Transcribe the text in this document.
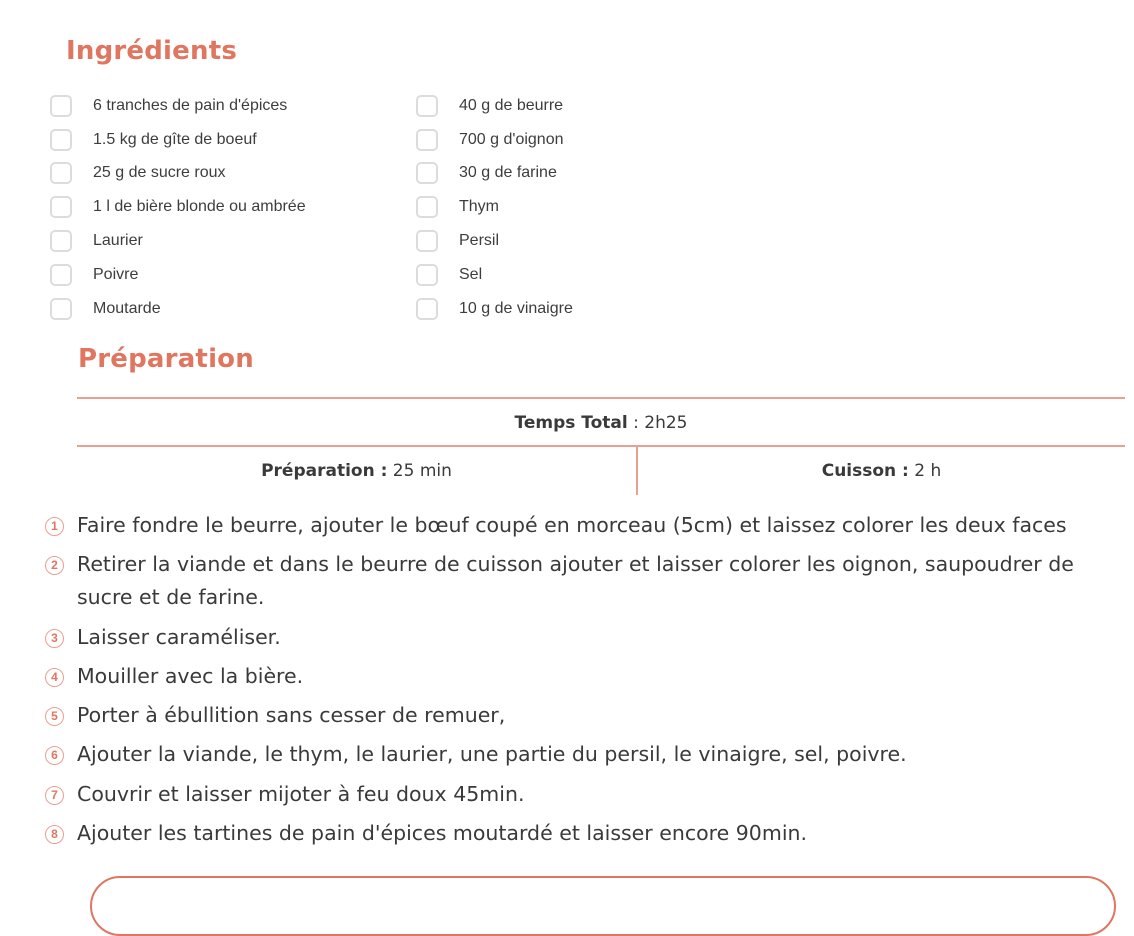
Ingrédients
6 tranches de pain d'épices
1.5 kg de gîte de boeuf
25 g de sucre roux
1 l de bière blonde ou ambrée
Laurier
Poivre
Moutarde
40 g de beurre
700 g d'oignon
30 g de farine
Thym
Persil
Sel
10 g de vinaigre
Préparation
Temps Total : 2h25
Préparation : 25 min	Cuisson : 2 h
1 Faire fondre le beurre, ajouter le bœuf coupé en morceau (5cm) et laissez colorer les deux faces
2 Retirer la viande et dans le beurre de cuisson ajouter et laisser colorer les oignon, saupoudrer de sucre et de farine.
3 Laisser caraméliser.
4 Mouiller avec la bière.
5 Porter à ébullition sans cesser de remuer,
6 Ajouter la viande, le thym, le laurier, une partie du persil, le vinaigre, sel, poivre.
7 Couvrir et laisser mijoter à feu doux 45min.
8 Ajouter les tartines de pain d'épices moutardé et laisser encore 90min.
